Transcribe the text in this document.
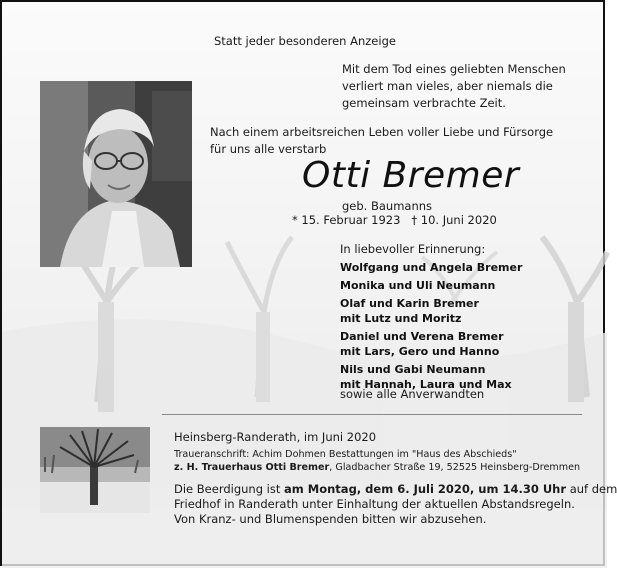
Statt jeder besonderen Anzeige
Mit dem Tod eines geliebten Menschen
verliert man vieles, aber niemals die
gemeinsam verbrachte Zeit.
Nach einem arbeitsreichen Leben voller Liebe und Fürsorge
für uns alle verstarb
Otti Bremer
geb. Baumanns
* 15. Februar 1923   † 10. Juni 2020
In liebevoller Erinnerung:
Wolfgang und Angela Bremer
Monika und Uli Neumann
Olaf und Karin Bremer
mit Lutz und Moritz
Daniel und Verena Bremer
mit Lars, Gero und Hanno
Nils und Gabi Neumann
mit Hannah, Laura und Max
sowie alle Anverwandten
Heinsberg-Randerath, im Juni 2020
Traueranschrift: Achim Dohmen Bestattungen im "Haus des Abschieds"
z. H. Trauerhaus Otti Bremer, Gladbacher Straße 19, 52525 Heinsberg-Dremmen
Die Beerdigung ist am Montag, dem 6. Juli 2020, um 14.30 Uhr auf dem
Friedhof in Randerath unter Einhaltung der aktuellen Abstandsregeln.
Von Kranz- und Blumenspenden bitten wir abzusehen.
